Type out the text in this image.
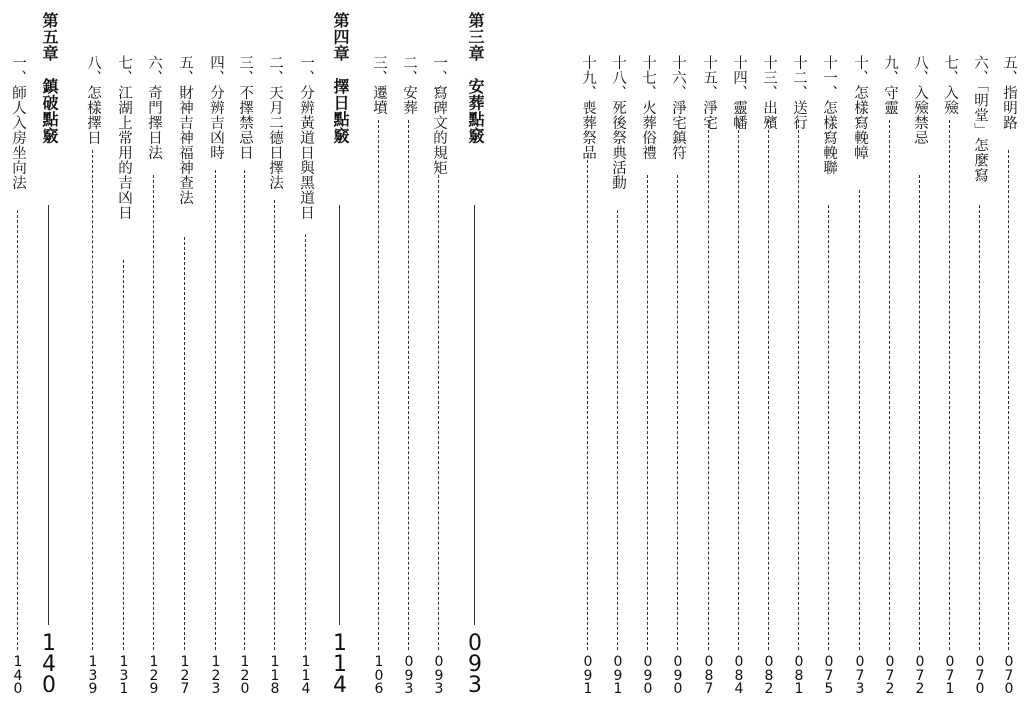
第五章　鎮破點竅
1
4
0
一、師人入房坐向法
1
4
0
八、怎樣擇日
1
3
9
七、江湖上常用的吉凶日
1
3
1
六、奇門擇日法
1
2
9
五、財神吉神福神查法
1
2
7
四、分辨吉凶時
1
2
3
三、不擇禁忌日
1
2
0
二、天月二德日擇法
1
1
8
一、分辨黃道日與黑道日
1
1
4
第四章　擇日點竅
1
1
4
三、遷墳
1
0
6
二、安葬
0
9
3
一、寫碑文的規矩
0
9
3
第三章　安葬點竅
0
9
3
十九、喪葬祭品
0
9
1
十八、死後祭典活動
0
9
1
十七、火葬俗禮
0
9
0
十六、淨宅鎮符
0
9
0
十五、淨宅
0
8
7
十四、靈幡
0
8
4
十三、出殯
0
8
2
十二、送行
0
8
1
十一、怎樣寫輓聯
0
7
5
十、怎樣寫輓幛
0
7
3
九、守靈
0
7
2
八、入殮禁忌
0
7
2
七、入殮
0
7
1
六、「明堂」怎麼寫
0
7
0
五、指明路
0
7
0
